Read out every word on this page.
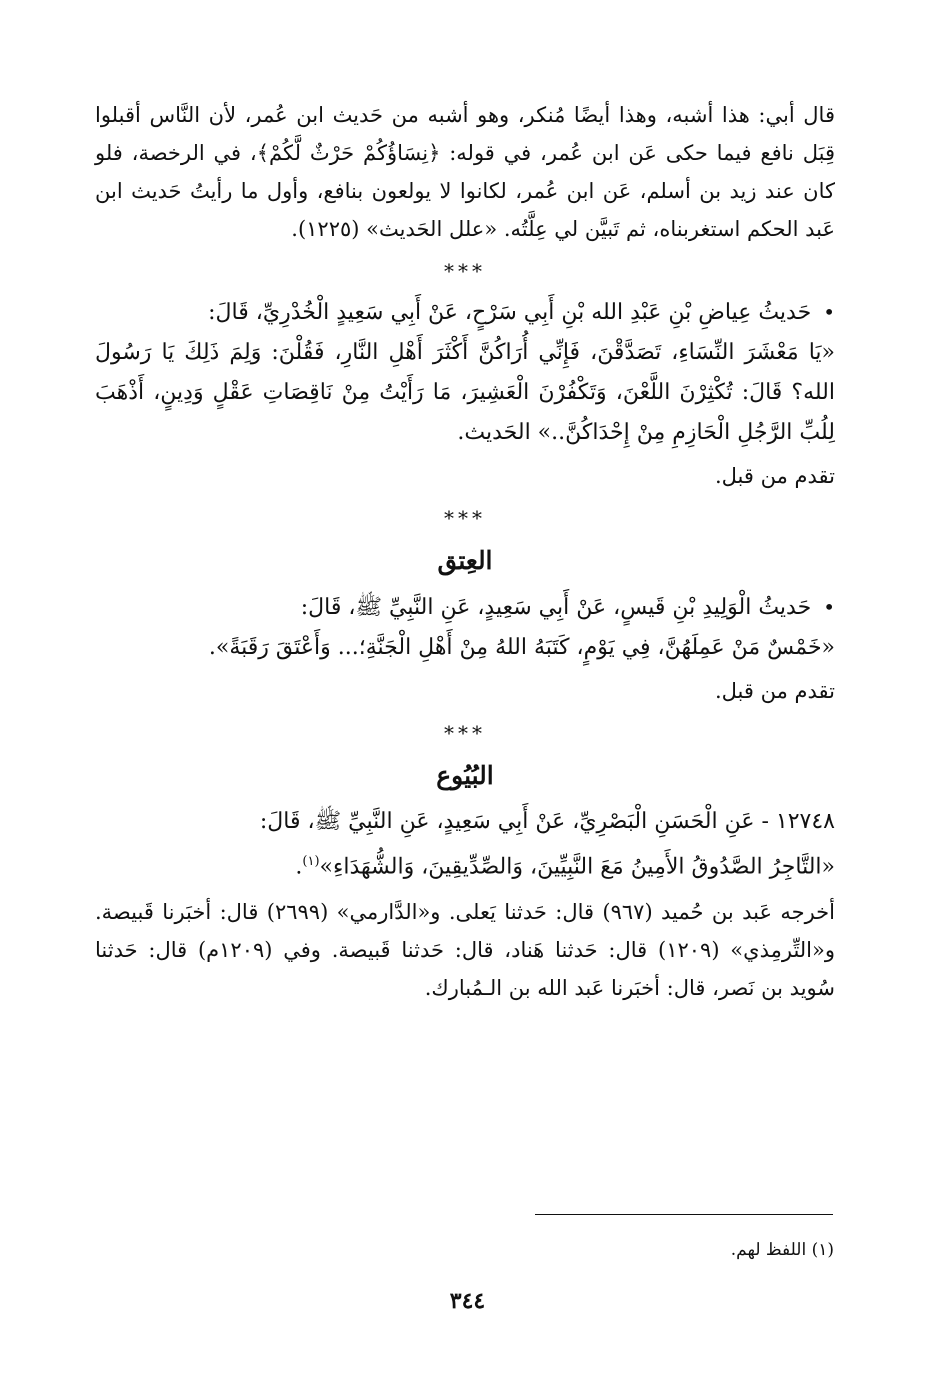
قال أبي: هذا أشبه، وهذا أيضًا مُنكر، وهو أشبه من حَديث ابن عُمر، لأن النَّاس أقبلوا قِبَل نافع فيما حكى عَن ابن عُمر، في قوله: ﴿نِسَاؤُكُمْ حَرْثٌ لَّكُمْ﴾، في الرخصة، فلو كان عند زيد بن أسلم، عَن ابن عُمر، لكانوا لا يولعون بنافع، وأول ما رأيتُ حَديث ابن عَبد الحكم استغربناه، ثم تَبيَّن لي عِلَّتُه. «علل الحَديث» (١٢٢٥).

***

•حَديثُ عِياضِ بْنِ عَبْدِ الله بْنِ أَبِي سَرْحٍ، عَنْ أَبِي سَعِيدٍ الْخُدْرِيِّ، قَالَ:

«يَا مَعْشَرَ النِّسَاءِ، تَصَدَّقْنَ، فَإِنِّي أُرَاكُنَّ أَكْثَرَ أَهْلِ النَّارِ، فَقُلْنَ: وَلِمَ ذَلِكَ يَا رَسُولَ الله؟ قَالَ: تُكْثِرْنَ اللَّعْنَ، وَتَكْفُرْنَ الْعَشِيرَ، مَا رَأَيْتُ مِنْ نَاقِصَاتِ عَقْلٍ وَدِينٍ، أَذْهَبَ لِلُبِّ الرَّجُلِ الْحَازِمِ مِنْ إِحْدَاكُنَّ..» الحَديث.

تقدم من قبل.

***
العِتق

•حَديثُ الْوَلِيدِ بْنِ قَيسٍ، عَنْ أَبِي سَعِيدٍ، عَنِ النَّبِيِّ ﷺ، قَالَ:

«خَمْسٌ مَنْ عَمِلَهُنَّ، فِي يَوْمٍ، كَتَبَهُ اللهُ مِنْ أَهْلِ الْجَنَّةِ؛... وَأَعْتَقَ رَقَبَةً».

تقدم من قبل.

***
البُيُوع

١٢٧٤٨ - عَنِ الْحَسَنِ الْبَصْرِيِّ، عَنْ أَبِي سَعِيدٍ، عَنِ النَّبِيِّ ﷺ، قَالَ:

«التَّاجِرُ الصَّدُوقُ الأَمِينُ مَعَ النَّبِيِّينَ، وَالصِّدِّيقِينَ، وَالشُّهَدَاءِ»$^{(١)}$.

أخرجه عَبد بن حُميد (٩٦٧) قال: حَدثنا يَعلى. و«الدَّارمي» (٢٦٩٩) قال: أخبَرنا قَبيصة. و«التِّرمِذي» (١٢٠٩) قال: حَدثنا هَناد، قال: حَدثنا قَبيصة. وفي (١٢٠٩م) قال: حَدثنا سُويد بن نَصر، قال: أخبَرنا عَبد الله بن الـمُبارك.

(١) اللفظ لهم.
٣٤٤
